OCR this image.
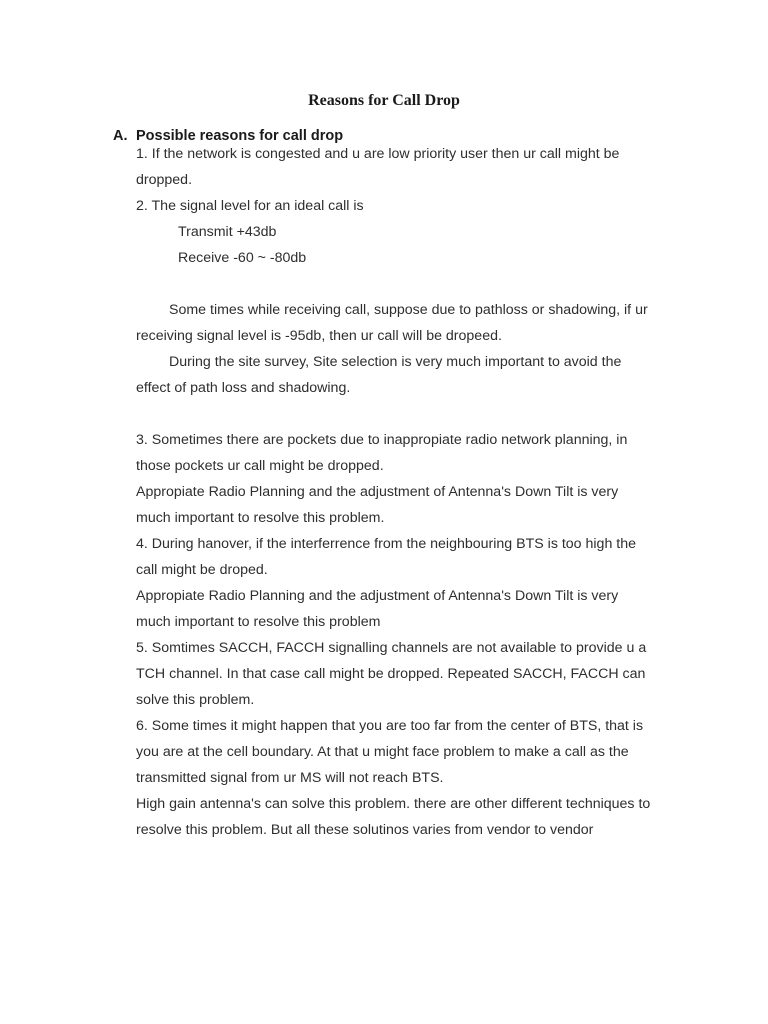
Reasons for Call Drop
A. Possible reasons for call drop
1. If the network is congested and u are low priority user then ur call might be
dropped.
2. The signal level for an ideal call is
Transmit +43db
Receive -60 ~ -80db
Some times while receiving call, suppose due to pathloss or shadowing, if ur
receiving signal level is -95db, then ur call will be dropeed.
During the site survey, Site selection is very much important to avoid the
effect of path loss and shadowing.
3. Sometimes there are pockets due to inappropiate radio network planning, in
those pockets ur call might be dropped.
Appropiate Radio Planning and the adjustment of Antenna's Down Tilt is very
much important to resolve this problem.
4. During hanover, if the interferrence from the neighbouring BTS is too high the
call might be droped.
Appropiate Radio Planning and the adjustment of Antenna's Down Tilt is very
much important to resolve this problem
5. Somtimes SACCH, FACCH signalling channels are not available to provide u a
TCH channel. In that case call might be dropped. Repeated SACCH, FACCH can
solve this problem.
6. Some times it might happen that you are too far from the center of BTS, that is
you are at the cell boundary. At that u might face problem to make a call as the
transmitted signal from ur MS will not reach BTS.
High gain antenna's can solve this problem. there are other different techniques to
resolve this problem. But all these solutinos varies from vendor to vendor
